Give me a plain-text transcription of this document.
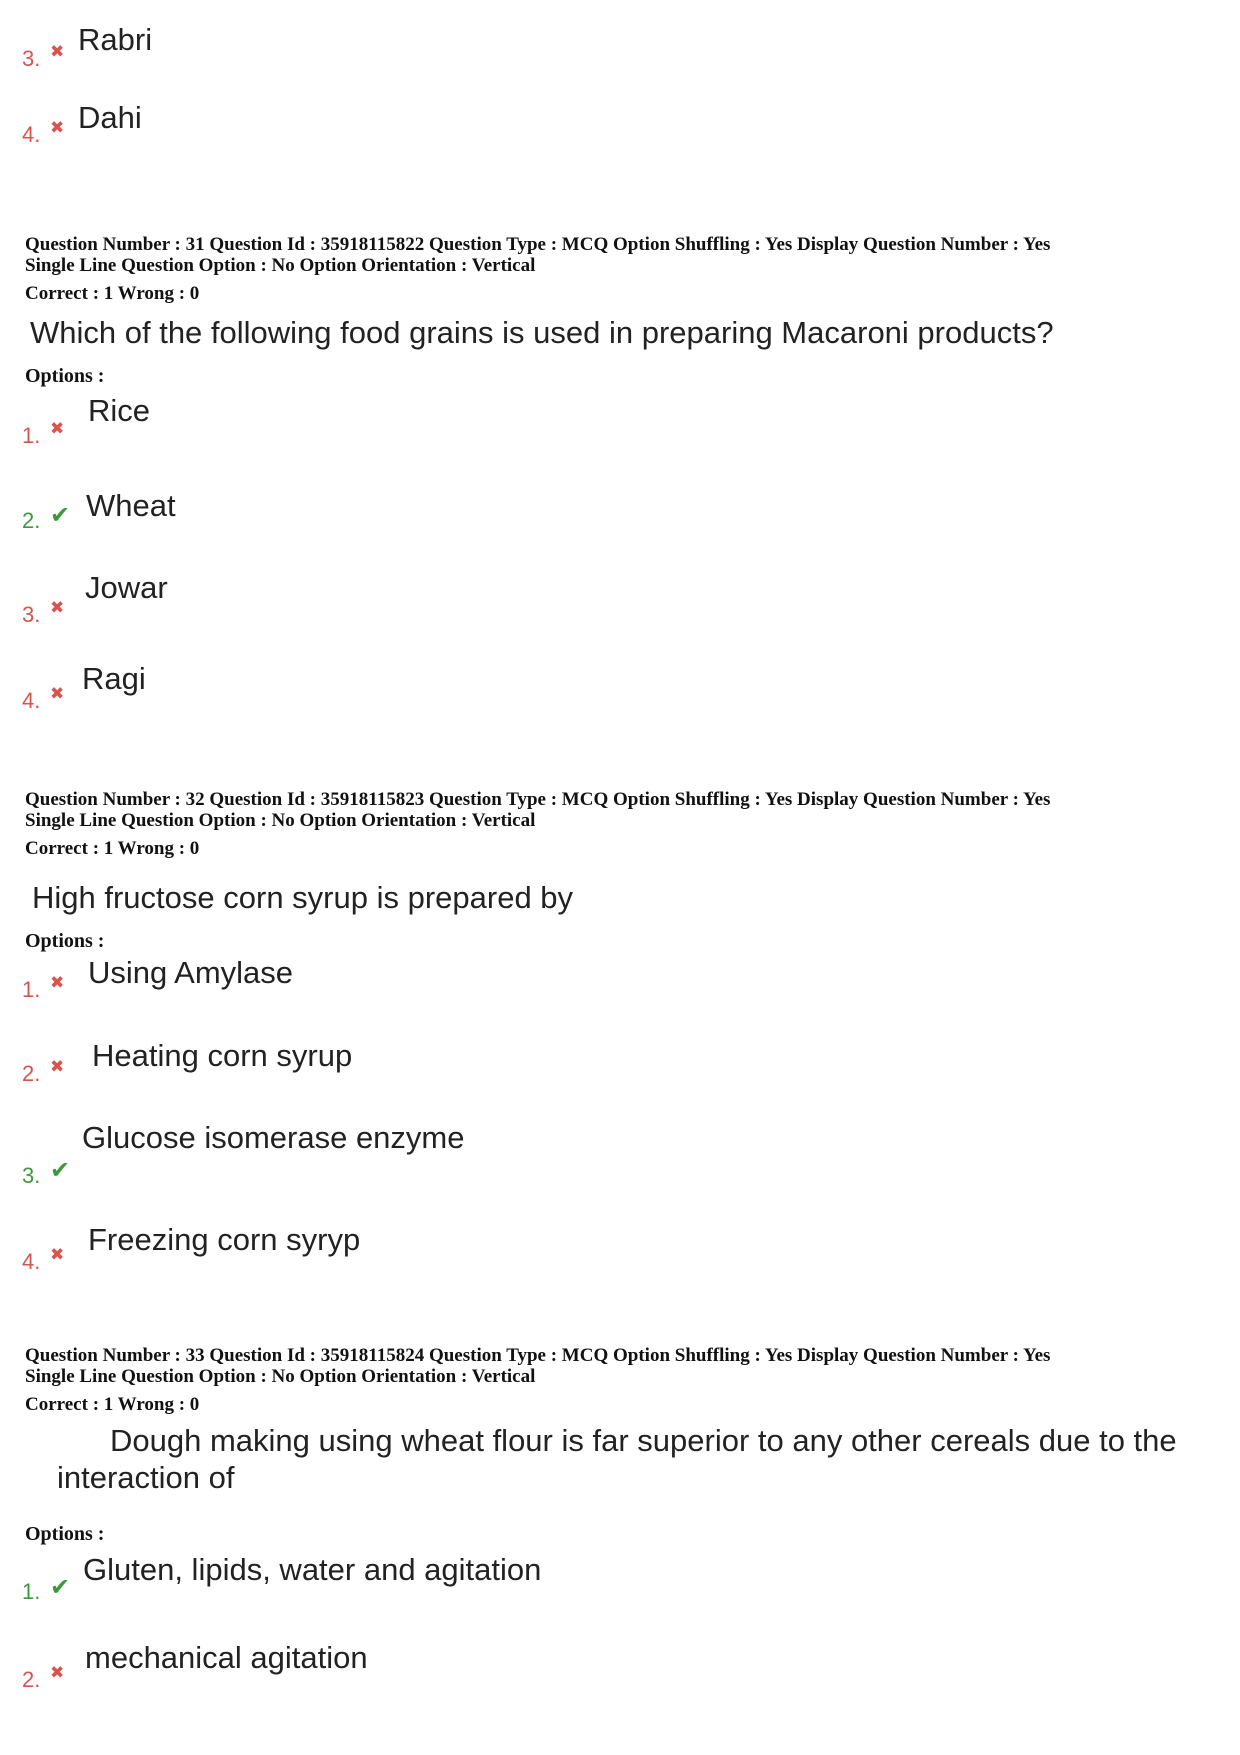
3. ✖ Rabri
4. ✖ Dahi
Question Number : 31 Question Id : 35918115822 Question Type : MCQ Option Shuffling : Yes Display Question Number : Yes
Single Line Question Option : No Option Orientation : Vertical
Correct : 1 Wrong : 0
Which of the following food grains is used in preparing Macaroni products?
Options :
1. ✖
Rice
2. ✔ Wheat
3. ✖
Jowar
4. ✖ Ragi
Question Number : 32 Question Id : 35918115823 Question Type : MCQ Option Shuffling : Yes Display Question Number : Yes
Single Line Question Option : No Option Orientation : Vertical
Correct : 1 Wrong : 0
High fructose corn syrup is prepared by
Options :
1. ✖ Using Amylase
2. ✖ Heating corn syrup
3. ✔
Glucose isomerase enzyme
4. ✖ Freezing corn syryp
Question Number : 33 Question Id : 35918115824 Question Type : MCQ Option Shuffling : Yes Display Question Number : Yes
Single Line Question Option : No Option Orientation : Vertical
Correct : 1 Wrong : 0
Dough making using wheat flour is far superior to any other cereals due to the
interaction of
Options :
1. ✔ Gluten, lipids, water and agitation
2. ✖ mechanical agitation
